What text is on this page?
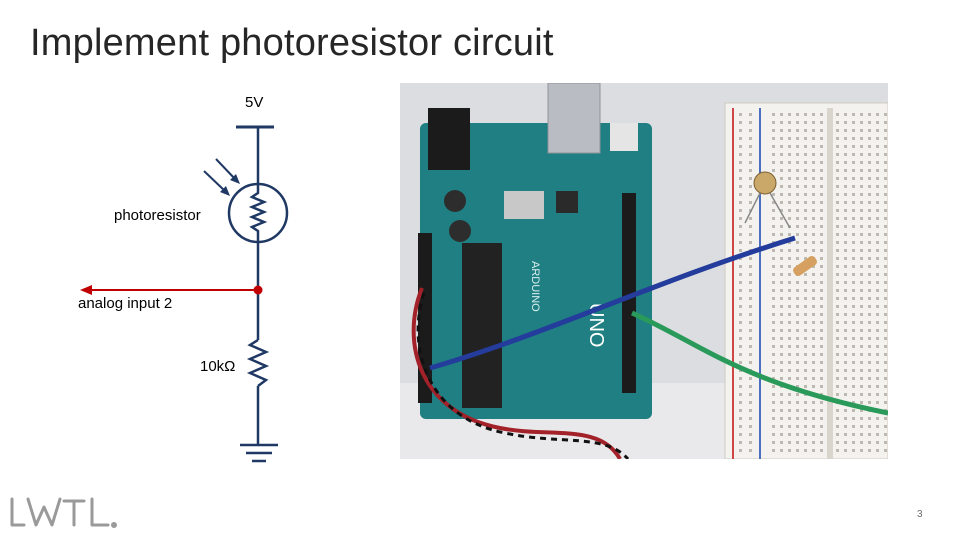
Implement photoresistor circuit
5V
photoresistor
analog input 2
10kΩ
UNO
ARDUINO
LWTL
3
